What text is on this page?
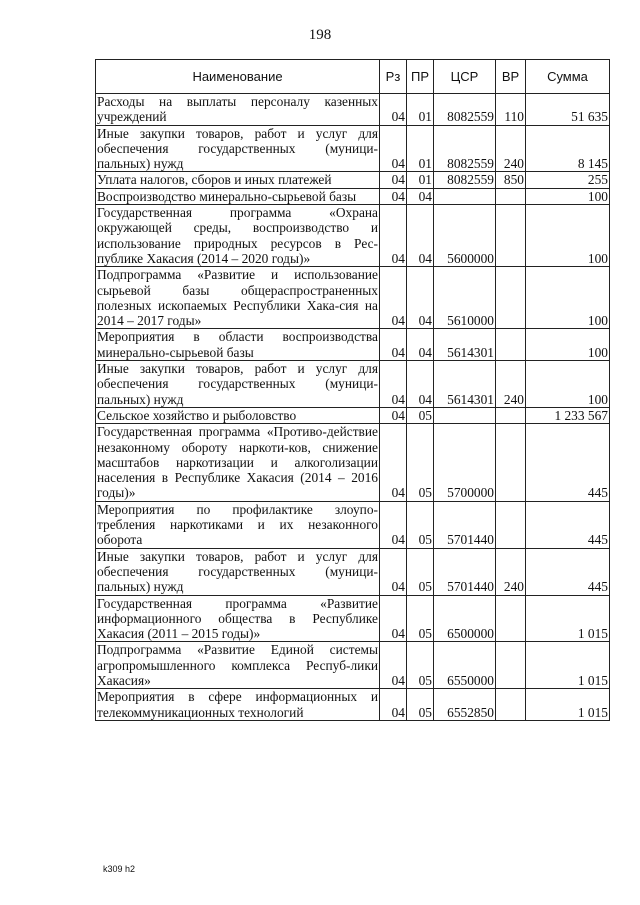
198
Наименование	Рз	ПР	ЦСР	ВР	Сумма
Расходы на выплаты персоналу казенных учреждений	04	01	8082559	110	51 635
Иные закупки товаров, работ и услуг для обеспечения государственных (муници-пальных) нужд	04	01	8082559	240	8 145
Уплата налогов, сборов и иных платежей	04	01	8082559	850	255
Воспроизводство минерально-сырьевой базы	04	04			100
Государственная программа «Охрана окружающей среды, воспроизводство и использование природных ресурсов в Рес-публике Хакасия (2014 – 2020 годы)»	04	04	5600000		100
Подпрограмма «Развитие и использование сырьевой базы общераспространенных полезных ископаемых Республики Хака-сия на 2014 – 2017 годы»	04	04	5610000		100
Мероприятия в области воспроизводства минерально-сырьевой базы	04	04	5614301		100
Иные закупки товаров, работ и услуг для обеспечения государственных (муници-пальных) нужд	04	04	5614301	240	100
Сельское хозяйство и рыболовство	04	05			1 233 567
Государственная программа «Противо-действие незаконному обороту наркоти-ков, снижение масштабов наркотизации и алкоголизации населения в Республике Хакасия (2014 – 2016 годы)»	04	05	5700000		445
Мероприятия по профилактике злоупо-требления наркотиками и их незаконного оборота	04	05	5701440		445
Иные закупки товаров, работ и услуг для обеспечения государственных (муници-пальных) нужд	04	05	5701440	240	445
Государственная программа «Развитие информационного общества в Республике Хакасия (2011 – 2015 годы)»	04	05	6500000		1 015
Подпрограмма «Развитие Единой системы агропромышленного комплекса Респуб-лики Хакасия»	04	05	6550000		1 015
Мероприятия в сфере информационных и телекоммуникационных технологий	04	05	6552850		1 015
k309 h2
